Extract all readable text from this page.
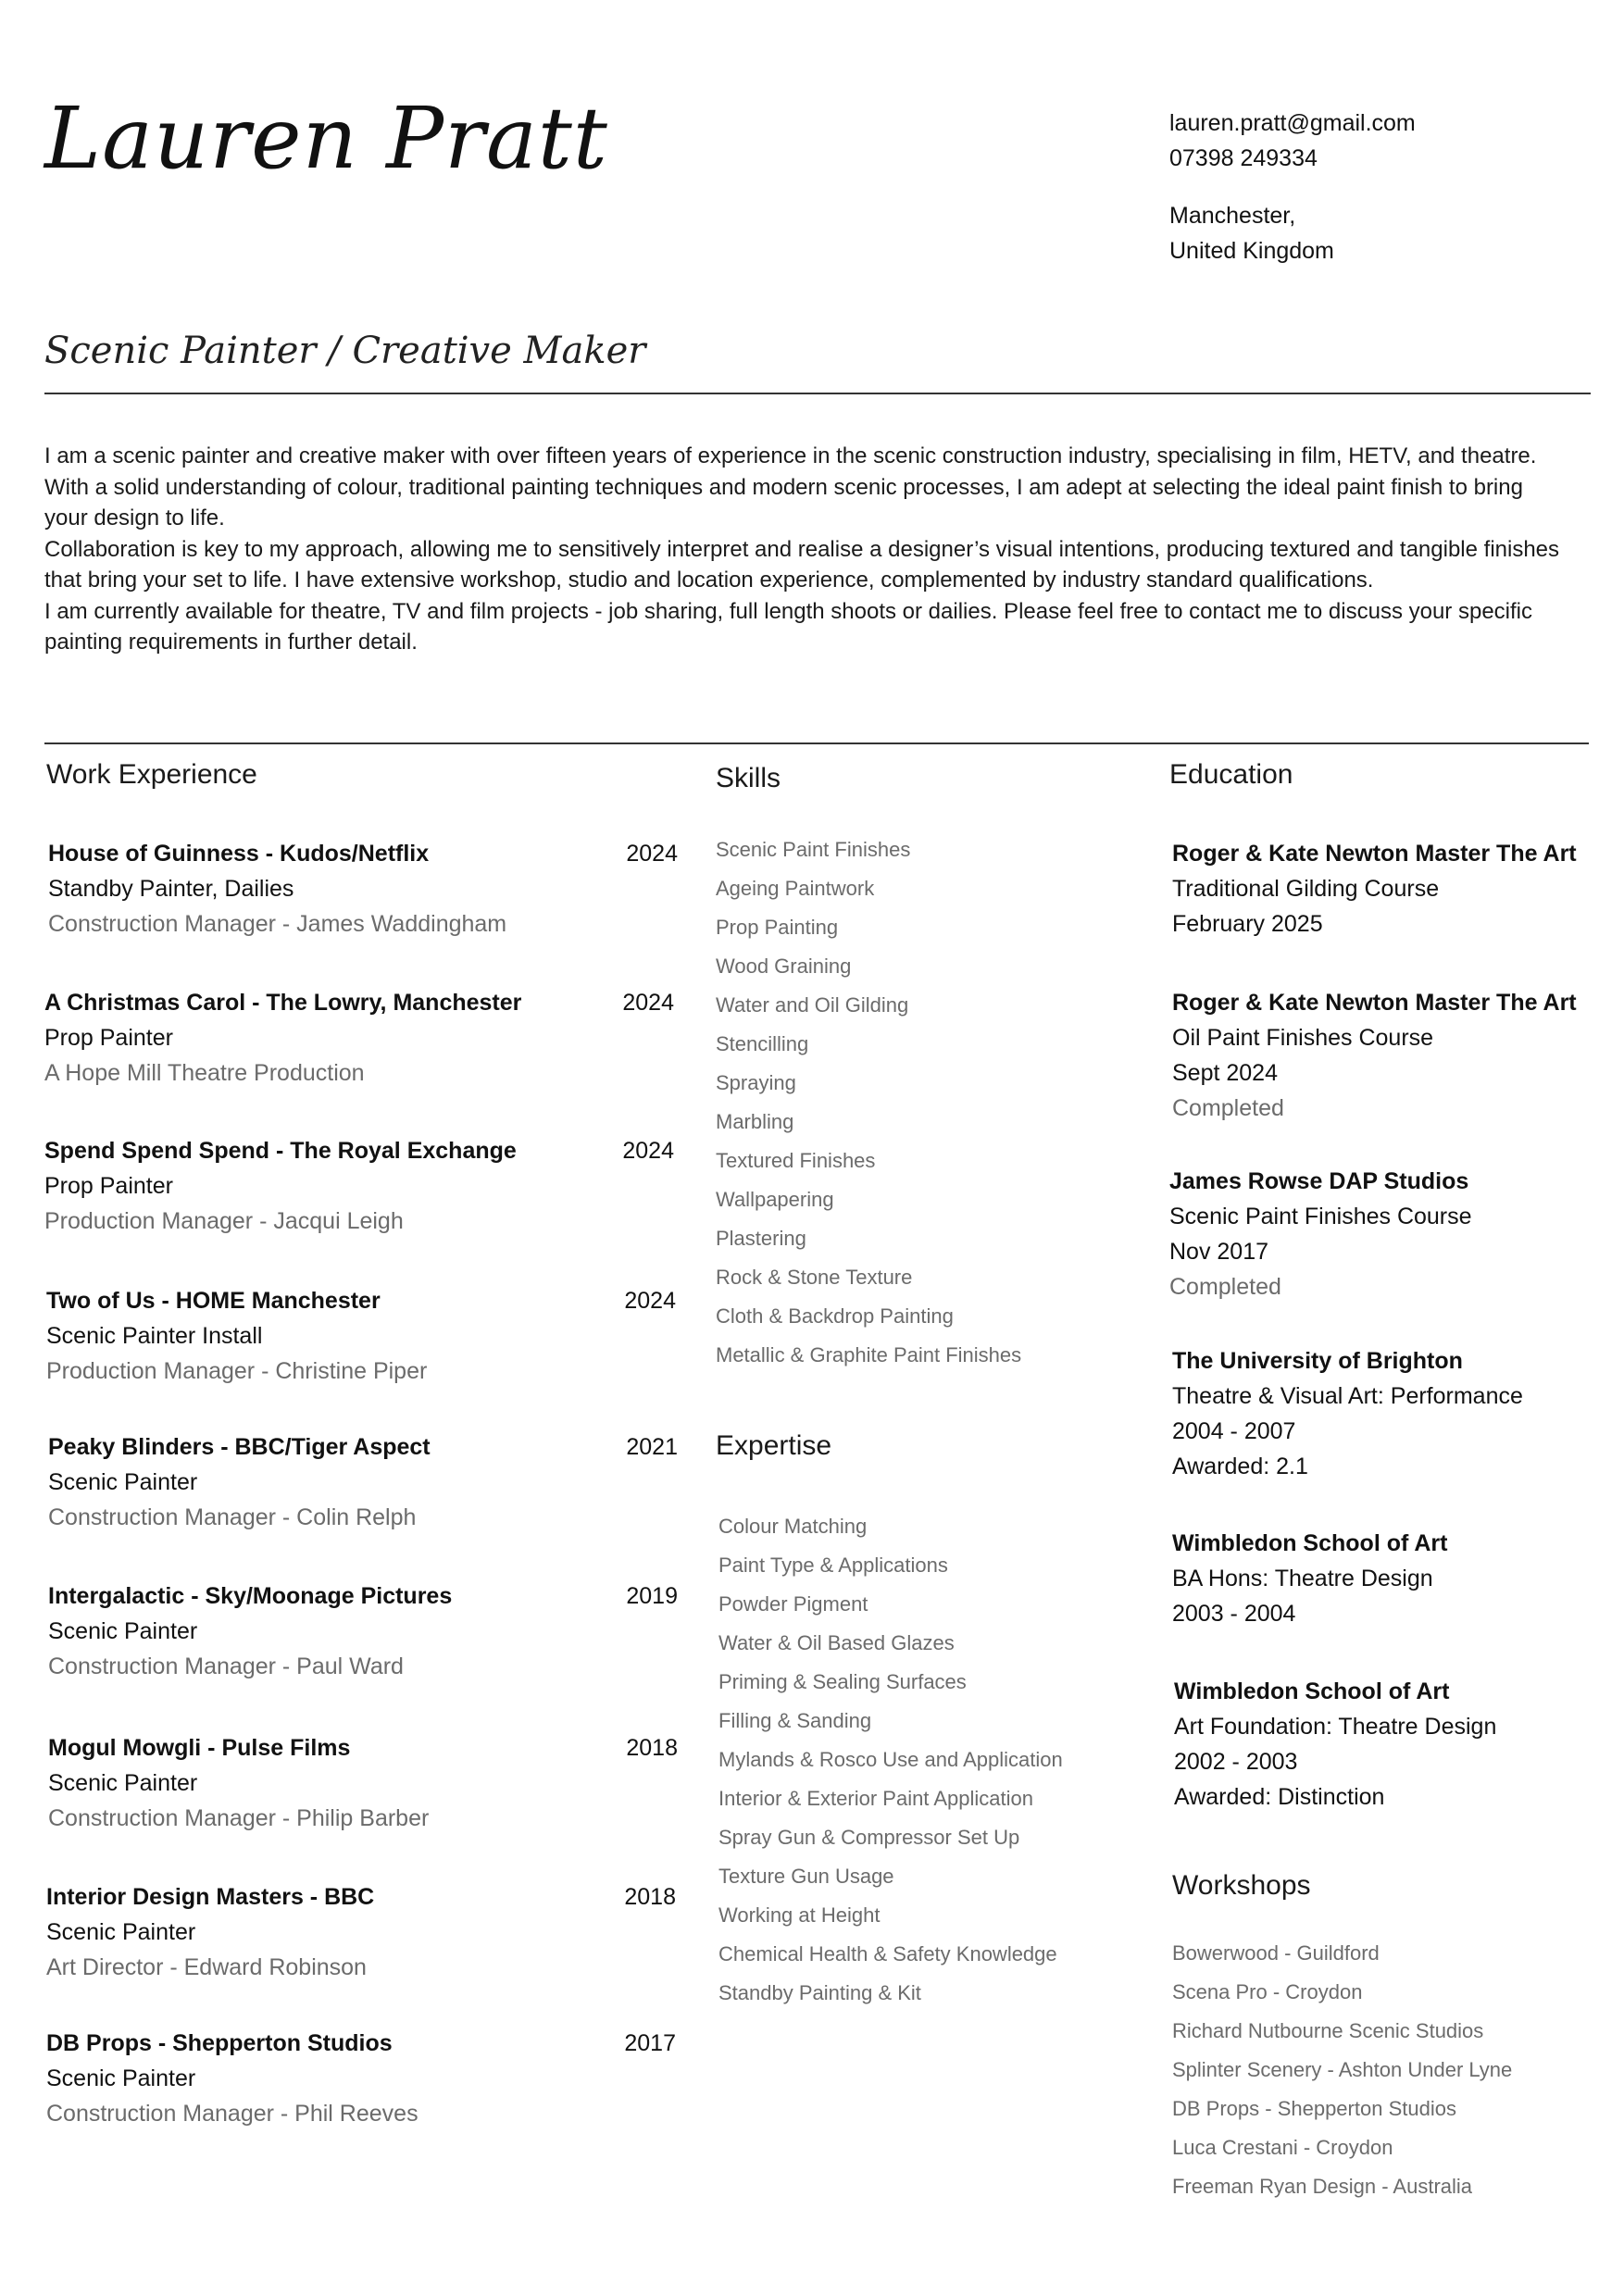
Lauren Pratt	lauren.pratt@gmail.com
07398 249334
Manchester,
United Kingdom
Scenic Painter / Creative Maker

I am a scenic painter and creative maker with over fifteen years of experience in the scenic construction industry, specialising in film, HETV, and theatre. With a solid understanding of colour, traditional painting techniques and modern scenic processes, I am adept at selecting the ideal paint finish to bring your design to life.

Collaboration is key to my approach, allowing me to sensitively interpret and realise a designer’s visual intentions, producing textured and tangible finishes that bring your set to life. I have extensive workshop, studio and location experience, complemented by industry standard qualifications.

I am currently available for theatre, TV and film projects - job sharing, full length shoots or dailies. Please feel free to contact me to discuss your specific painting requirements in further detail.

Work Experience
House of Guinness - Kudos/Netflix	2024
Standby Painter, Dailies
Construction Manager - James Waddingham
A Christmas Carol - The Lowry, Manchester	2024
Prop Painter
A Hope Mill Theatre Production
Spend Spend Spend - The Royal Exchange	2024
Prop Painter
Production Manager - Jacqui Leigh
Two of Us - HOME Manchester	2024
Scenic Painter Install
Production Manager - Christine Piper
Peaky Blinders - BBC/Tiger Aspect	2021
Scenic Painter
Construction Manager - Colin Relph
Intergalactic - Sky/Moonage Pictures	2019
Scenic Painter
Construction Manager - Paul Ward
Mogul Mowgli - Pulse Films	2018
Scenic Painter
Construction Manager - Philip Barber
Interior Design Masters - BBC	2018
Scenic Painter
Art Director - Edward Robinson
DB Props - Shepperton Studios	2017
Scenic Painter
Construction Manager - Phil Reeves
Skills
Scenic Paint Finishes
Ageing Paintwork
Prop Painting
Wood Graining
Water and Oil Gilding
Stencilling
Spraying
Marbling
Textured Finishes
Wallpapering
Plastering
Rock & Stone Texture
Cloth & Backdrop Painting
Metallic & Graphite Paint Finishes
Expertise
Colour Matching
Paint Type & Applications
Powder Pigment
Water & Oil Based Glazes
Priming & Sealing Surfaces
Filling & Sanding
Mylands & Rosco Use and Application
Interior & Exterior Paint Application
Spray Gun & Compressor Set Up
Texture Gun Usage
Working at Height
Chemical Health & Safety Knowledge
Standby Painting & Kit
Education
Roger & Kate Newton Master The Art
Traditional Gilding Course
February 2025
Roger & Kate Newton Master The Art
Oil Paint Finishes Course
Sept 2024
Completed
James Rowse DAP Studios
Scenic Paint Finishes Course
Nov 2017
Completed
The University of Brighton
Theatre & Visual Art: Performance
2004 - 2007
Awarded: 2.1
Wimbledon School of Art
BA Hons: Theatre Design
2003 - 2004
Wimbledon School of Art
Art Foundation: Theatre Design
2002 - 2003
Awarded: Distinction
Workshops
Bowerwood - Guildford
Scena Pro - Croydon
Richard Nutbourne Scenic Studios
Splinter Scenery - Ashton Under Lyne
DB Props - Shepperton Studios
Luca Crestani - Croydon
Freeman Ryan Design - Australia
